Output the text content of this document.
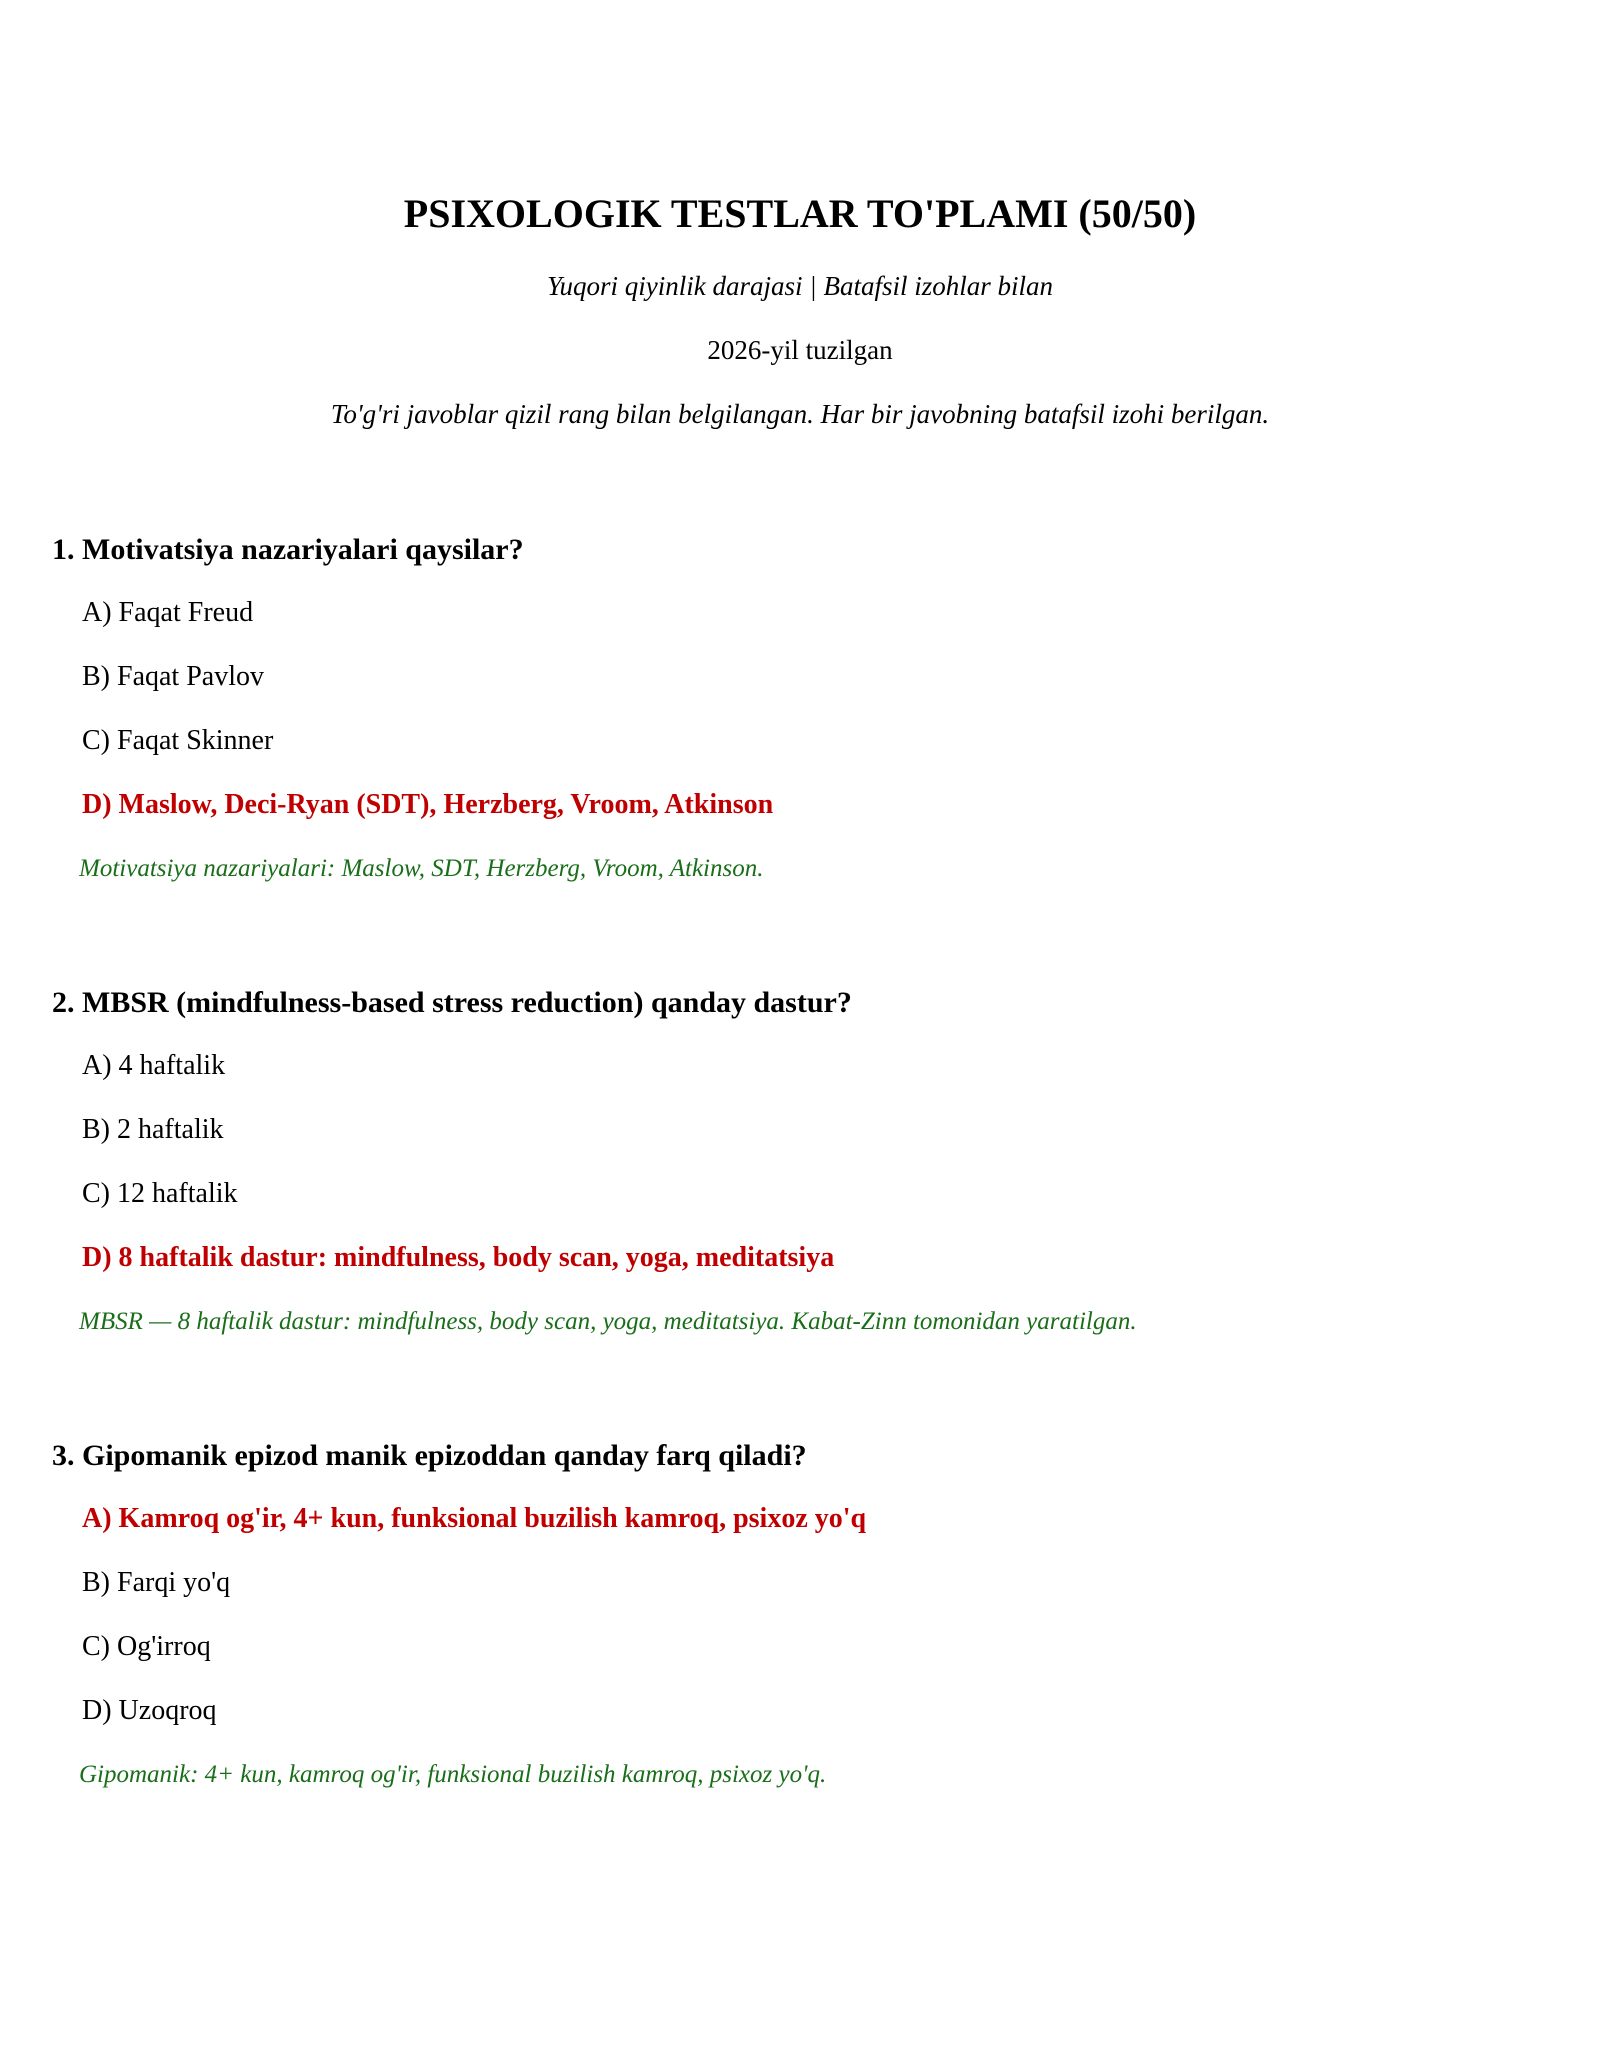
PSIXOLOGIK TESTLAR TO'PLAMI (50/50)
Yuqori qiyinlik darajasi | Batafsil izohlar bilan
2026-yil tuzilgan
To'g'ri javoblar qizil rang bilan belgilangan. Har bir javobning batafsil izohi berilgan.
1. Motivatsiya nazariyalari qaysilar?
A) Faqat Freud
B) Faqat Pavlov
C) Faqat Skinner
D) Maslow, Deci-Ryan (SDT), Herzberg, Vroom, Atkinson
Motivatsiya nazariyalari: Maslow, SDT, Herzberg, Vroom, Atkinson.
2. MBSR (mindfulness-based stress reduction) qanday dastur?
A) 4 haftalik
B) 2 haftalik
C) 12 haftalik
D) 8 haftalik dastur: mindfulness, body scan, yoga, meditatsiya
MBSR — 8 haftalik dastur: mindfulness, body scan, yoga, meditatsiya. Kabat-Zinn tomonidan yaratilgan.
3. Gipomanik epizod manik epizoddan qanday farq qiladi?
A) Kamroq og'ir, 4+ kun, funksional buzilish kamroq, psixoz yo'q
B) Farqi yo'q
C) Og'irroq
D) Uzoqroq
Gipomanik: 4+ kun, kamroq og'ir, funksional buzilish kamroq, psixoz yo'q.
